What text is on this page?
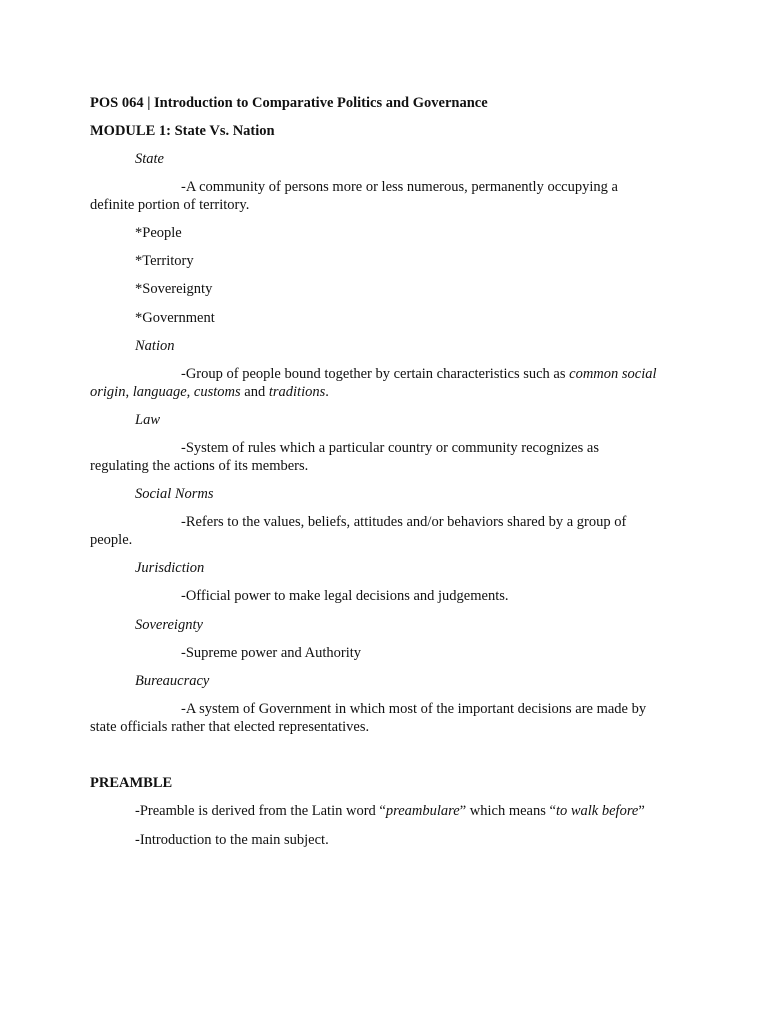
POS 064 | Introduction to Comparative Politics and Governance
MODULE 1: State Vs. Nation
State
-A community of persons more or less numerous, permanently occupying a
definite portion of territory.
*People
*Territory
*Sovereignty
*Government
Nation
-Group of people bound together by certain characteristics such as common social
origin, language, customs and traditions.
Law
-System of rules which a particular country or community recognizes as
regulating the actions of its members.
Social Norms
-Refers to the values, beliefs, attitudes and/or behaviors shared by a group of
people.
Jurisdiction
-Official power to make legal decisions and judgements.
Sovereignty
-Supreme power and Authority
Bureaucracy
-A system of Government in which most of the important decisions are made by
state officials rather that elected representatives.
PREAMBLE
-Preamble is derived from the Latin word “preambulare” which means “to walk before”
-Introduction to the main subject.
